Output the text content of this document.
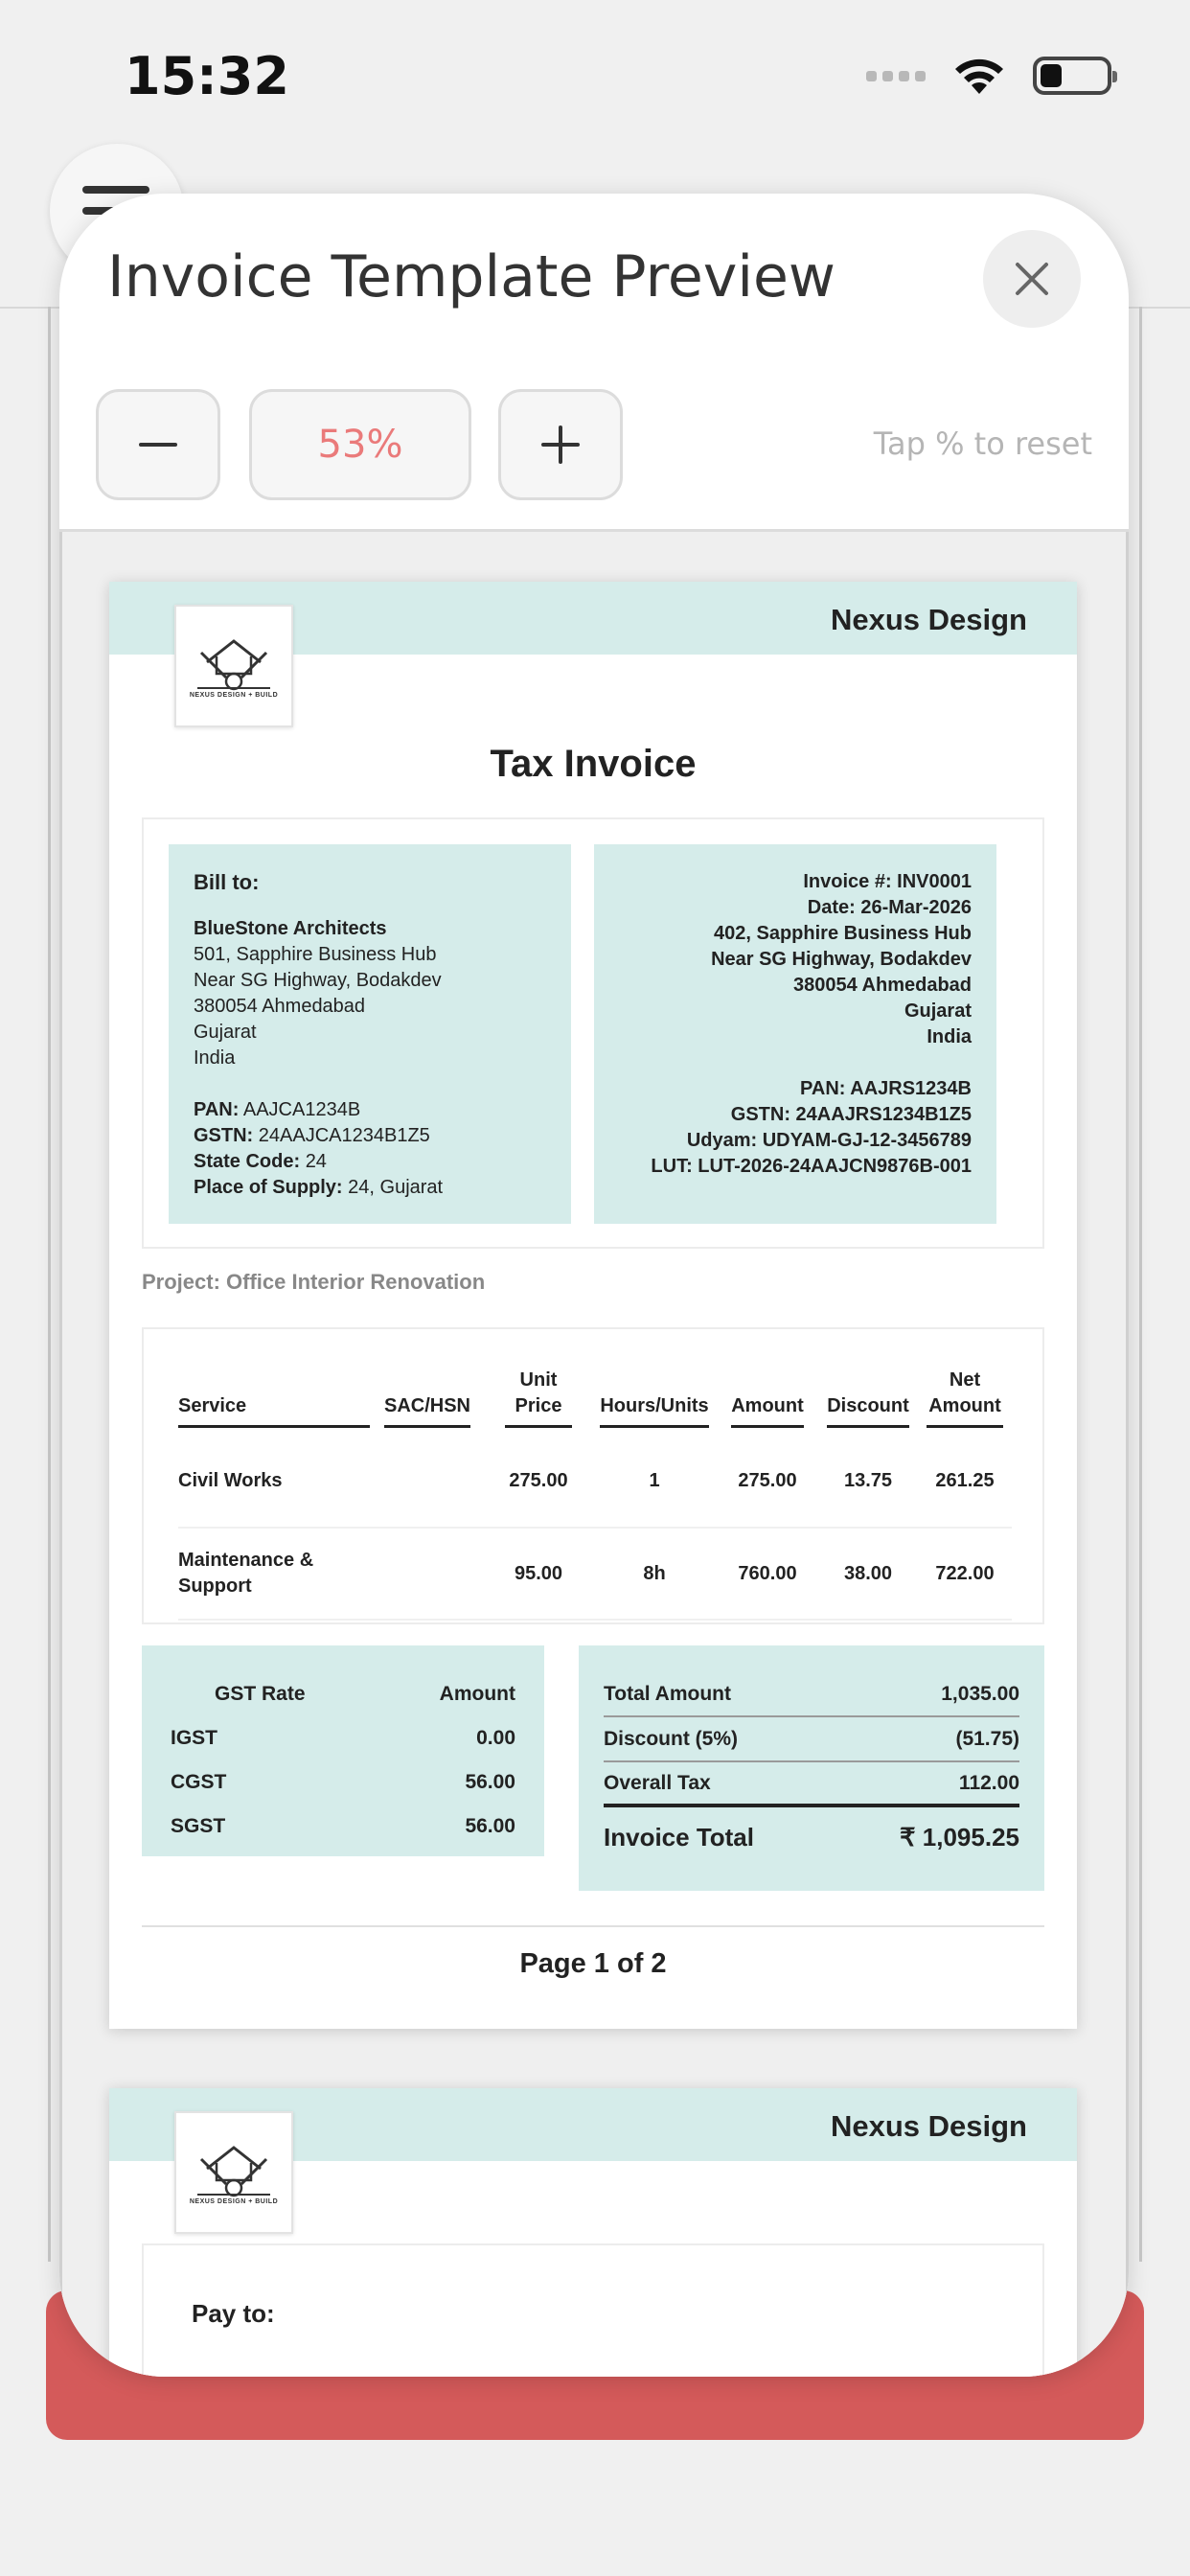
15:32
Invoice Template Preview
53%	Tap % to reset
Nexus Design
NEXUS DESIGN + BUILD
Tax Invoice
Bill to:
BlueStone Architects
501, Sapphire Business Hub
Near SG Highway, Bodakdev
380054 Ahmedabad
Gujarat
India
PAN: AAJCA1234B
GSTN: 24AAJCA1234B1Z5
State Code: 24
Place of Supply: 24, Gujarat
Invoice #: INV0001
Date: 26-Mar-2026
402, Sapphire Business Hub
Near SG Highway, Bodakdev
380054 Ahmedabad
Gujarat
India
PAN: AAJRS1234B
GSTN: 24AAJRS1234B1Z5
Udyam: UDYAM-GJ-12-3456789
LUT: LUT-2026-24AAJCN9876B-001
Project: Office Interior Renovation
Service	SAC/HSN	Unit Price	Hours/Units	Amount	Discount	Net Amount
Civil Works		275.00	1	275.00	13.75	261.25
Maintenance & Support		95.00	8h	760.00	38.00	722.00
GST Rate	Amount
IGST	0.00
CGST	56.00
SGST	56.00
Total Amount	1,035.00
Discount (5%)	(51.75)
Overall Tax	112.00
Invoice Total	₹ 1,095.25
Page 1 of 2
Nexus Design
NEXUS DESIGN + BUILD
Pay to:
